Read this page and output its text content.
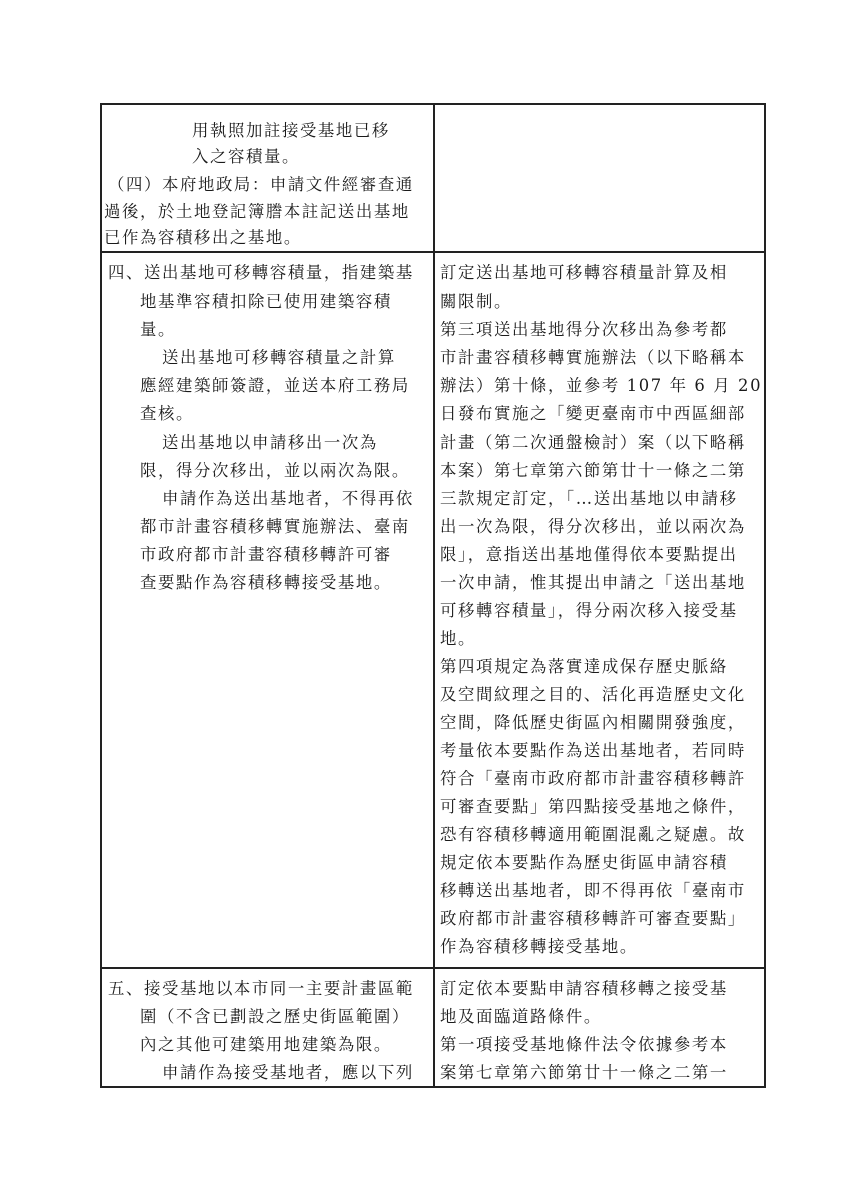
用執照加註接受基地已移
入之容積量。
（四）本府地政局：申請文件經審查通
過後，於土地登記簿謄本註記送出基地
已作為容積移出之基地。
四、送出基地可移轉容積量，指建築基
地基準容積扣除已使用建築容積
量。
送出基地可移轉容積量之計算
應經建築師簽證，並送本府工務局
查核。
送出基地以申請移出一次為
限，得分次移出，並以兩次為限。
申請作為送出基地者，不得再依
都市計畫容積移轉實施辦法、臺南
市政府都市計畫容積移轉許可審
查要點作為容積移轉接受基地。
訂定送出基地可移轉容積量計算及相
關限制。
第三項送出基地得分次移出為參考都
市計畫容積移轉實施辦法（以下略稱本
辦法）第十條，並參考 107 年 6 月 20
日發布實施之「變更臺南市中西區細部
計畫（第二次通盤檢討）案（以下略稱
本案）第七章第六節第廿十一條之二第
三款規定訂定，「…送出基地以申請移
出一次為限，得分次移出，並以兩次為
限」，意指送出基地僅得依本要點提出
一次申請，惟其提出申請之「送出基地
可移轉容積量」，得分兩次移入接受基
地。
第四項規定為落實達成保存歷史脈絡
及空間紋理之目的、活化再造歷史文化
空間，降低歷史街區內相關開發強度，
考量依本要點作為送出基地者，若同時
符合「臺南市政府都市計畫容積移轉許
可審查要點」第四點接受基地之條件，
恐有容積移轉適用範圍混亂之疑慮。故
規定依本要點作為歷史街區申請容積
移轉送出基地者，即不得再依「臺南市
政府都市計畫容積移轉許可審查要點」
作為容積移轉接受基地。
五、接受基地以本市同一主要計畫區範
圍（不含已劃設之歷史街區範圍）
內之其他可建築用地建築為限。
申請作為接受基地者，應以下列
訂定依本要點申請容積移轉之接受基
地及面臨道路條件。
第一項接受基地條件法令依據參考本
案第七章第六節第廿十一條之二第一
